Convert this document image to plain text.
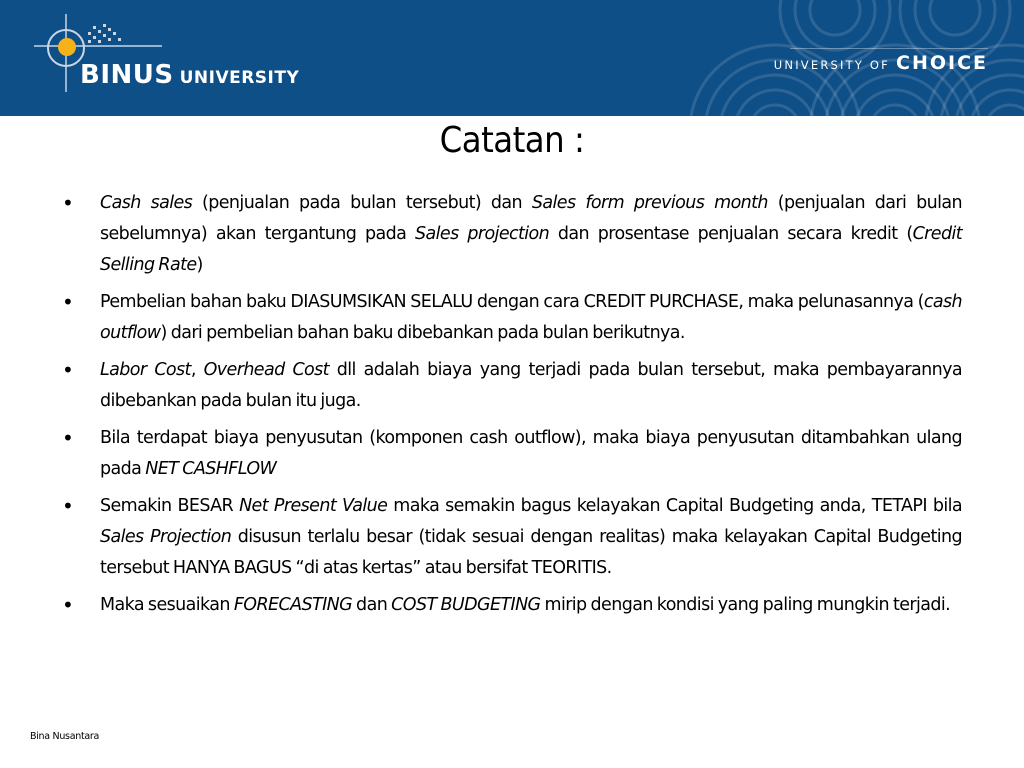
BINUS UNIVERSITY
UNIVERSITY OF CHOICE
Catatan :
• Cash sales (penjualan pada bulan tersebut) dan Sales form previous month (penjualan dari bulan sebelumnya) akan tergantung pada Sales projection dan prosentase penjualan secara kredit (Credit Selling Rate)
• Pembelian bahan baku DIASUMSIKAN SELALU dengan cara CREDIT PURCHASE, maka pelunasannya (cash outflow) dari pembelian bahan baku dibebankan pada bulan berikutnya.
• Labor Cost, Overhead Cost dll adalah biaya yang terjadi pada bulan tersebut, maka pembayarannya dibebankan pada bulan itu juga.
• Bila terdapat biaya penyusutan (komponen cash outflow), maka biaya penyusutan ditambahkan ulang pada NET CASHFLOW
• Semakin BESAR Net Present Value maka semakin bagus kelayakan Capital Budgeting anda, TETAPI bila Sales Projection disusun terlalu besar (tidak sesuai dengan realitas) maka kelayakan Capital Budgeting tersebut HANYA BAGUS “di atas kertas” atau bersifat TEORITIS.
• Maka sesuaikan FORECASTING dan COST BUDGETING mirip dengan kondisi yang paling mungkin terjadi.
Bina Nusantara
